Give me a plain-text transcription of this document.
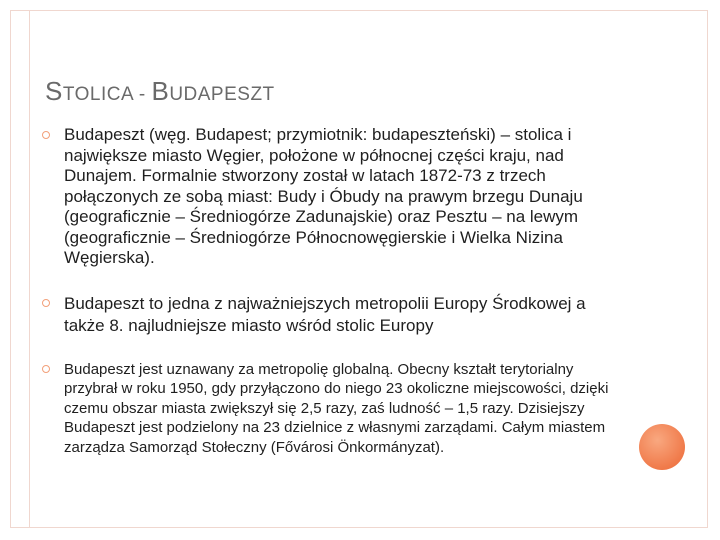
STOLICA - BUDAPESZT
Budapeszt (węg. Budapest; przymiotnik: budapeszteński) – stolica i największe miasto Węgier, położone w północnej części kraju, nad Dunajem. Formalnie stworzony został w latach 1872-73 z trzech połączonych ze sobą miast: Budy i Óbudy na prawym brzegu Dunaju (geograficznie – Średniogórze Zadunajskie) oraz Pesztu – na lewym (geograficznie – Średniogórze Północnowęgierskie i Wielka Nizina Węgierska).
Budapeszt to jedna z najważniejszych metropolii Europy Środkowej a także 8. najludniejsze miasto wśród stolic Europy
Budapeszt jest uznawany za metropolię globalną. Obecny kształt terytorialny przybrał w roku 1950, gdy przyłączono do niego 23 okoliczne miejscowości, dzięki czemu obszar miasta zwiększył się 2,5 razy, zaś ludność – 1,5 razy. Dzisiejszy Budapeszt jest podzielony na 23 dzielnice z własnymi zarządami. Całym miastem zarządza Samorząd Stołeczny (Fővárosi Önkormányzat).
